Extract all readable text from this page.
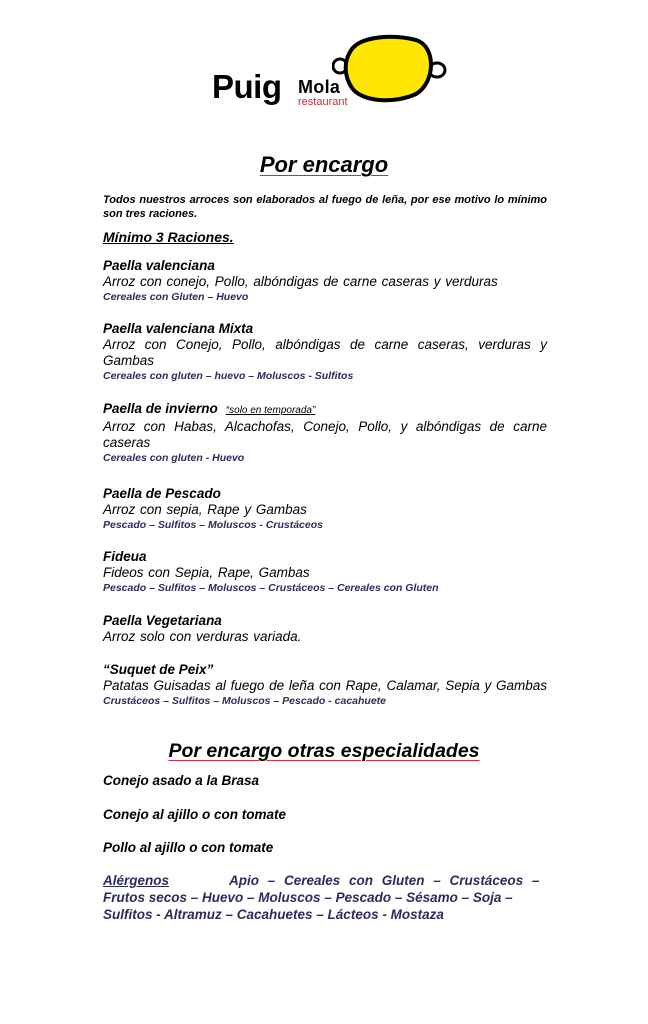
Puig Mola
restaurant
Por encargo
Todos nuestros arroces son elaborados al fuego de leña, por ese motivo lo mínimo son tres raciones.
Mínimo 3 Raciones.
Paella valenciana
Arroz con conejo, Pollo, albóndigas de carne caseras y verduras
Cereales con Gluten – Huevo
Paella valenciana Mixta
Arroz con Conejo, Pollo, albóndigas de carne caseras, verduras y Gambas
Cereales con gluten – huevo – Moluscos - Sulfitos
Paella de invierno “solo en temporada”
Arroz con Habas, Alcachofas, Conejo, Pollo, y albóndigas de carne caseras
Cereales con gluten - Huevo
Paella de Pescado
Arroz con sepia, Rape y Gambas
Pescado – Sulfitos – Moluscos - Crustáceos
Fideua
Fideos con Sepia, Rape, Gambas
Pescado – Sulfitos – Moluscos – Crustáceos – Cereales con Gluten
Paella Vegetariana
Arroz solo con verduras variada.
“Suquet de Peix”
Patatas Guisadas al fuego de leña con Rape, Calamar, Sepia y Gambas
Crustáceos – Sulfitos – Moluscos – Pescado - cacahuete
Por encargo otras especialidades
Conejo asado a la Brasa
Conejo al ajillo o con tomate
Pollo al ajillo o con tomate
Alérgenos	Apio – Cereales con Gluten – Crustáceos –
Frutos secos – Huevo – Moluscos – Pescado – Sésamo – Soja –
Sulfitos - Altramuz – Cacahuetes – Lácteos - Mostaza
